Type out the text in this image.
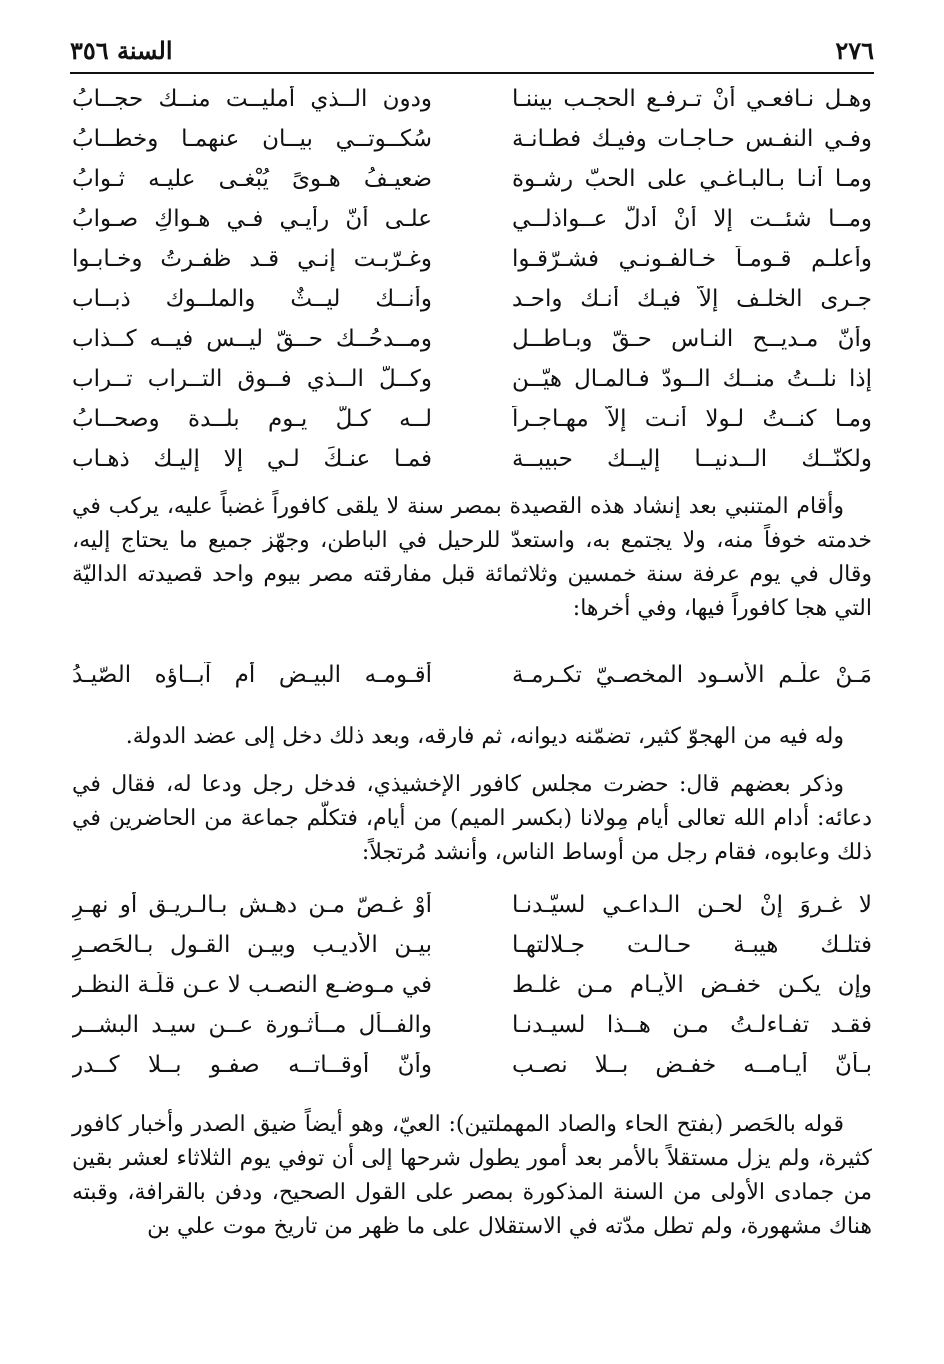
٢٧٦
السنة ٣٥٦
وهـل نـافعـي أنْ تـرفـع الحجـب بيننـا
ودون الــذي أمليــت منــك حجــابُ
وفـي النفـس حـاجـات وفيـك فطـانـة
سُكــوتــي بيــان عنهمـا وخطــابُ
ومـا أنـا بـالبـاغـي على الحبّ رشـوة
ضعيـفُ هـوىً يُبْغـى عليـه ثـوابُ
ومــا شئــت إلا أنْ أدلّ عــواذلــي
علـى أنّ رأيـي فـي هـواكِ صـوابُ
وأعلـم قـومـاً خـالفـونـي فشـرّقـوا
وغـرّبـت إنـي قـد ظفـرتُ وخـابـوا
جـرى الخلـف إلاّ فيـك أنـك واحـد
وأنــك ليــثٌ والملــوك ذبــاب
وأنّ مـديــح النـاس حـقّ وبـاطــل
ومــدحُــك حــقّ ليــس فيــه كــذاب
إذا نلــتُ منــك الــودّ فـالمـال هيّــن
وكــلّ الــذي فــوق التــراب تــراب
ومـا كنــتُ لـولا أنـت إلاّ مهـاجـراً
لــه كـلّ يـوم بلــدة وصحــابُ
ولكنّــك الــدنيــا إليــك حبيبــة
فمـا عنـكَ لـي إلا إليـك ذهـاب

وأقام المتنبي بعد إنشاد هذه القصيدة بمصر سنة لا يلقى كافوراً غضباً عليه، يركب في خدمته خوفاً منه، ولا يجتمع به، واستعدّ للرحيل في الباطن، وجهّز جميع ما يحتاج إليه، وقال في يوم عرفة سنة خمسين وثلاثمائة قبل مفارقته مصر بيوم واحد قصيدته الداليّة التي هجا كافوراً فيها، وفي أخرها:

مَـنْ علّـم الأسـود المخصـيّ تكـرمـة
أقـومـه البيـض أم آبــاؤه الصّيـدُ

وله فيه من الهجوّ كثير، تضمّنه ديوانه، ثم فارقه، وبعد ذلك دخل إلى عضد الدولة.

وذكر بعضهم قال: حضرت مجلس كافور الإخشيذي، فدخل رجل ودعا له، فقال في دعائه: أدام الله تعالى أيام مِولانا (بكسر الميم) من أيام، فتكلّم جماعة من الحاضرين في ذلك وعابوه، فقام رجل من أوساط الناس، وأنشد مُرتجلاً:

لا غـروَ إنْ لحـن الـداعـي لسيّـدنـا
أوْ غـصّ مـن دهـش بـالـريـق أو نهـرِ
فتلـك هيبـة حـالـت جـلالتهـا
بيـن الأديـب وبيـن القـول بـالحَصـرِ
وإن يكـن خفـض الأيـام مـن غلـط
في مـوضـع النصـب لا عـن قلّـة النظـر
فقـد تفـاءلـتُ مـن هــذا لسيـدنـا
والفــأل مــأثـورة عــن سيـد البشــر
بـأنّ أيـامــه خفـض بــلا نصـب
وأنّ أوقــاتــه صفـو بــلا كــدر

قوله بالحَصر (بفتح الحاء والصاد المهملتين): العيّ، وهو أيضاً ضيق الصدر وأخبار كافور كثيرة، ولم يزل مستقلاً بالأمر بعد أمور يطول شرحها إلى أن توفي يوم الثلاثاء لعشر بقين من جمادى الأولى من السنة المذكورة بمصر على القول الصحيح، ودفن بالقرافة، وقبته هناك مشهورة، ولم تطل مدّته في الاستقلال على ما ظهر من تاريخ موت علي بن
